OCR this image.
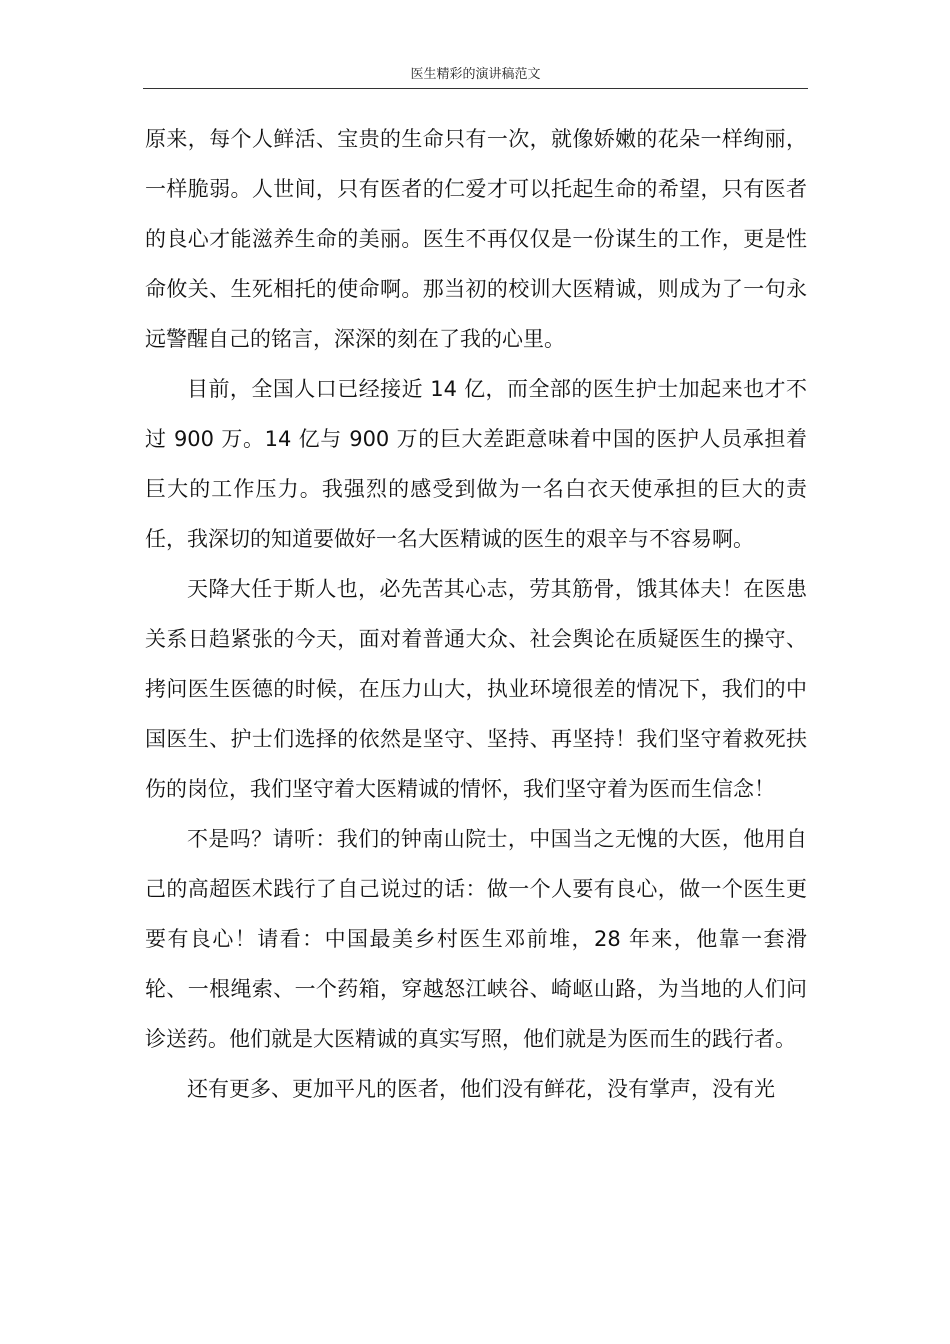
医生精彩的演讲稿范文

原来，每个人鲜活、宝贵的生命只有一次，就像娇嫩的花朵一样绚丽，一样脆弱。人世间，只有医者的仁爱才可以托起生命的希望，只有医者的良心才能滋养生命的美丽。医生不再仅仅是一份谋生的工作，更是性命攸关、生死相托的使命啊。那当初的校训大医精诚，则成为了一句永远警醒自己的铭言，深深的刻在了我的心里。

目前，全国人口已经接近 14 亿，而全部的医生护士加起来也才不过 900 万。14 亿与 900 万的巨大差距意味着中国的医护人员承担着巨大的工作压力。我强烈的感受到做为一名白衣天使承担的巨大的责任，我深切的知道要做好一名大医精诚的医生的艰辛与不容易啊。

天降大任于斯人也，必先苦其心志，劳其筋骨，饿其体夫！在医患关系日趋紧张的今天，面对着普通大众、社会舆论在质疑医生的操守、拷问医生医德的时候，在压力山大，执业环境很差的情况下，我们的中国医生、护士们选择的依然是坚守、坚持、再坚持！我们坚守着救死扶伤的岗位，我们坚守着大医精诚的情怀，我们坚守着为医而生信念！

不是吗？请听：我们的钟南山院士，中国当之无愧的大医，他用自己的高超医术践行了自己说过的话：做一个人要有良心，做一个医生更要有良心！请看：中国最美乡村医生邓前堆，28 年来，他靠一套滑轮、一根绳索、一个药箱，穿越怒江峡谷、崎岖山路，为当地的人们问诊送药。他们就是大医精诚的真实写照，他们就是为医而生的践行者。

还有更多、更加平凡的医者，他们没有鲜花，没有掌声，没有光
